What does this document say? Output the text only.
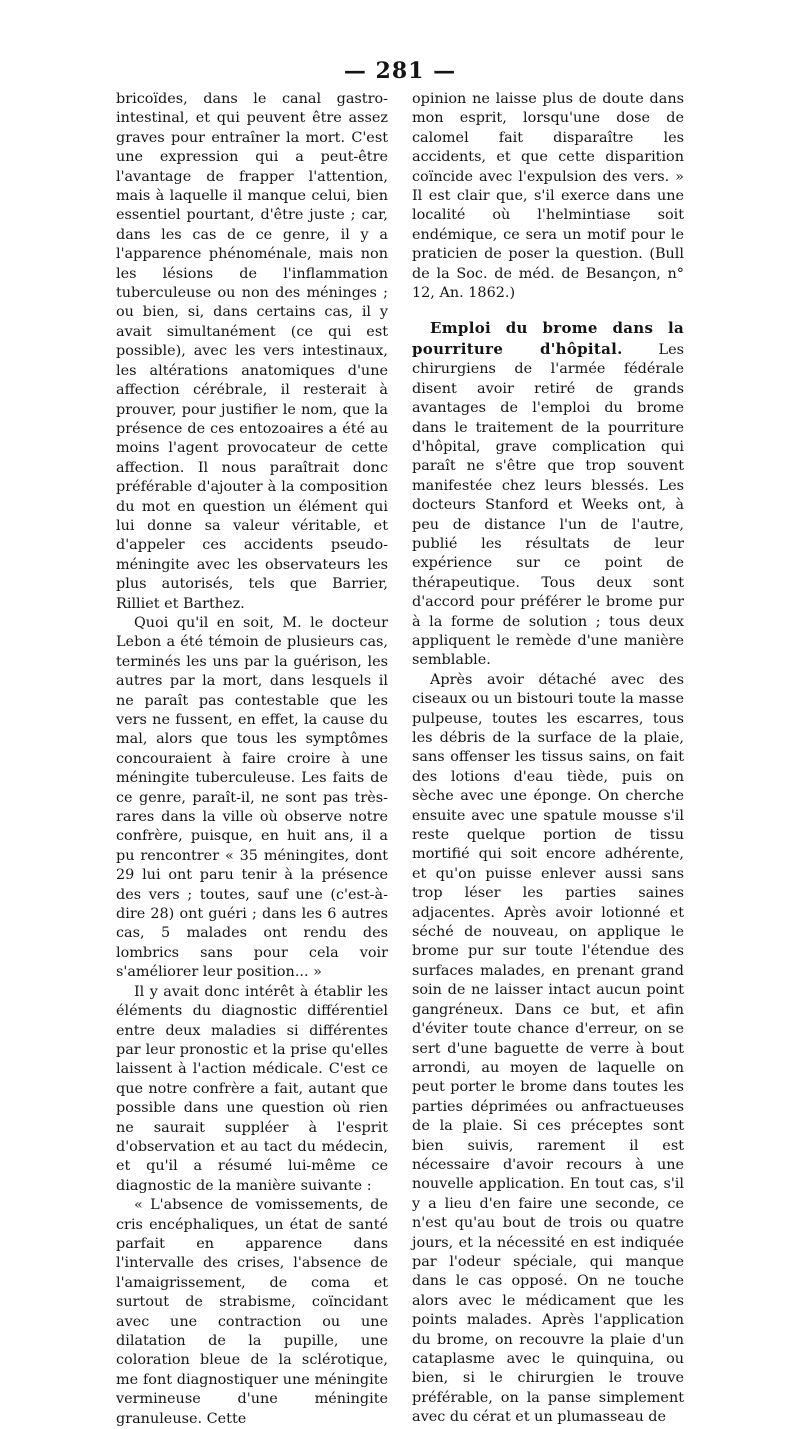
— 281 —

bricoïdes, dans le canal gastro-intestinal, et qui peuvent être assez graves pour entraîner la mort. C'est une expression qui a peut-être l'avantage de frapper l'attention, mais à laquelle il manque celui, bien essentiel pourtant, d'être juste ; car, dans les cas de ce genre, il y a l'apparence phénoménale, mais non les lésions de l'inflammation tuberculeuse ou non des méninges ; ou bien, si, dans certains cas, il y avait simultanément (ce qui est possible), avec les vers intestinaux, les altérations anatomiques d'une affection cérébrale, il resterait à prouver, pour justifier le nom, que la présence de ces entozoaires a été au moins l'agent provocateur de cette affection. Il nous paraîtrait donc préférable d'ajouter à la composition du mot en question un élément qui lui donne sa valeur véritable, et d'appeler ces accidents pseudo-méningite avec les observateurs les plus autorisés, tels que Barrier, Rilliet et Barthez.

Quoi qu'il en soit, M. le docteur Lebon a été témoin de plusieurs cas, terminés les uns par la guérison, les autres par la mort, dans lesquels il ne paraît pas contestable que les vers ne fussent, en effet, la cause du mal, alors que tous les symptômes concouraient à faire croire à une méningite tuberculeuse. Les faits de ce genre, paraît-il, ne sont pas très-rares dans la ville où observe notre confrère, puisque, en huit ans, il a pu rencontrer « 35 méningites, dont 29 lui ont paru tenir à la présence des vers ; toutes, sauf une (c'est-à-dire 28) ont guéri ; dans les 6 autres cas, 5 malades ont rendu des lombrics sans pour cela voir s'améliorer leur position... »

Il y avait donc intérêt à établir les éléments du diagnostic différentiel entre deux maladies si différentes par leur pronostic et la prise qu'elles laissent à l'action médicale. C'est ce que notre confrère a fait, autant que possible dans une question où rien ne saurait suppléer à l'esprit d'observation et au tact du médecin, et qu'il a résumé lui-même ce diagnostic de la manière suivante :

« L'absence de vomissements, de cris encéphaliques, un état de santé parfait en apparence dans l'intervalle des crises, l'absence de l'amaigrissement, de coma et surtout de strabisme, coïncidant avec une contraction ou une dilatation de la pupille, une coloration bleue de la sclérotique, me font diagnostiquer une méningite vermineuse d'une méningite granuleuse. Cette

opinion ne laisse plus de doute dans mon esprit, lorsqu'une dose de calomel fait disparaître les accidents, et que cette disparition coïncide avec l'expulsion des vers. » Il est clair que, s'il exerce dans une localité où l'helmintiase soit endémique, ce sera un motif pour le praticien de poser la question. (Bull de la Soc. de méd. de Besançon, n° 12, An. 1862.)

Emploi du brome dans la pourriture d'hôpital. Les chirurgiens de l'armée fédérale disent avoir retiré de grands avantages de l'emploi du brome dans le traitement de la pourriture d'hôpital, grave complication qui paraît ne s'être que trop souvent manifestée chez leurs blessés. Les docteurs Stanford et Weeks ont, à peu de distance l'un de l'autre, publié les résultats de leur expérience sur ce point de thérapeutique. Tous deux sont d'accord pour préférer le brome pur à la forme de solution ; tous deux appliquent le remède d'une manière semblable.

Après avoir détaché avec des ciseaux ou un bistouri toute la masse pulpeuse, toutes les escarres, tous les débris de la surface de la plaie, sans offenser les tissus sains, on fait des lotions d'eau tiède, puis on sèche avec une éponge. On cherche ensuite avec une spatule mousse s'il reste quelque portion de tissu mortifié qui soit encore adhérente, et qu'on puisse enlever aussi sans trop léser les parties saines adjacentes. Après avoir lotionné et séché de nouveau, on applique le brome pur sur toute l'étendue des surfaces malades, en prenant grand soin de ne laisser intact aucun point gangréneux. Dans ce but, et afin d'éviter toute chance d'erreur, on se sert d'une baguette de verre à bout arrondi, au moyen de laquelle on peut porter le brome dans toutes les parties déprimées ou anfractueuses de la plaie. Si ces préceptes sont bien suivis, rarement il est nécessaire d'avoir recours à une nouvelle application. En tout cas, s'il y a lieu d'en faire une seconde, ce n'est qu'au bout de trois ou quatre jours, et la nécessité en est indiquée par l'odeur spéciale, qui manque dans le cas opposé. On ne touche alors avec le médicament que les points malades. Après l'application du brome, on recouvre la plaie d'un cataplasme avec le quinquina, ou bien, si le chirurgien le trouve préférable, on la panse simplement avec du cérat et un plumasseau de
